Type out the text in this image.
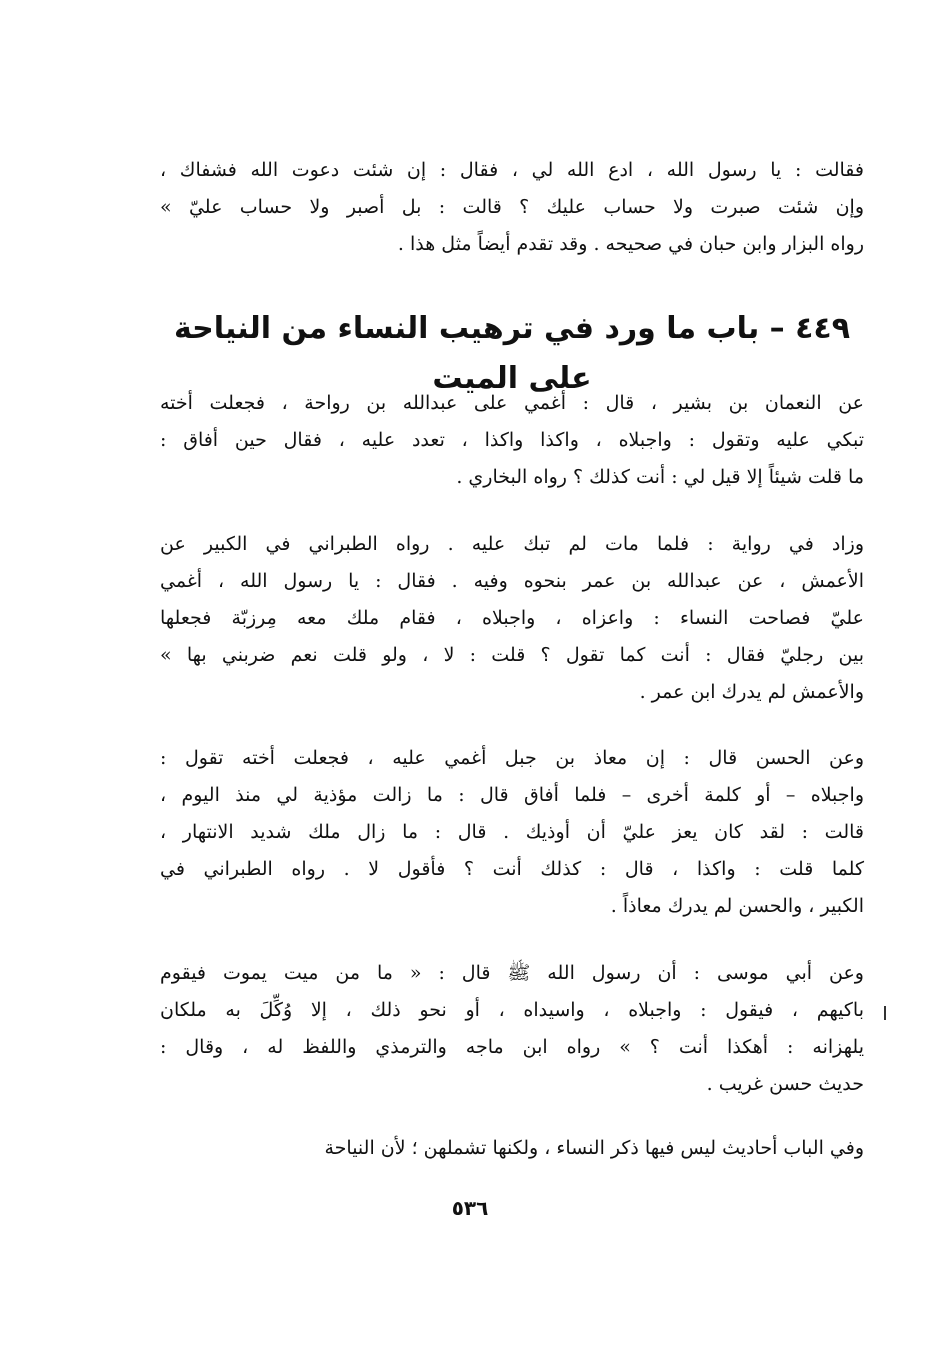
فقالت : يا رسول الله ، ادع الله لي ، فقال : إن شئت دعوت الله فشفاك ،
وإن شئت صبرت ولا حساب عليك ؟ قالت : بل أصبر ولا حساب عليّ »
رواه البزار وابن حبان في صحيحه . وقد تقدم أيضاً مثل هذا .
٤٤٩ – باب ما ورد في ترهيب النساء من النياحة على الميت
عن النعمان بن بشير ، قال : أغمي على عبدالله بن رواحة ، فجعلت أخته
تبكي عليه وتقول : واجبلاه ، واكذا واكذا ، تعدد عليه ، فقال حين أفاق :
ما قلت شيئاً إلا قيل لي : أنت كذلك ؟ رواه البخاري .
وزاد في رواية : فلما مات لم تبك عليه . رواه الطبراني في الكبير عن
الأعمش ، عن عبدالله بن عمر بنحوه وفيه . فقال : يا رسول الله ، أغمي
عليّ فصاحت النساء : واعزاه ، واجبلاه ، فقام ملك معه مِرزبّة فجعلها
بين رجليّ فقال : أنت كما تقول ؟ قلت : لا ، ولو قلت نعم ضربني بها »
والأعمش لم يدرك ابن عمر .
وعن الحسن قال : إن معاذ بن جبل أغمي عليه ، فجعلت أخته تقول :
واجبلاه – أو كلمة أخرى – فلما أفاق قال : ما زالت مؤذية لي منذ اليوم ،
قالت : لقد كان يعز عليّ أن أوذيك . قال : ما زال ملك شديد الانتهار ،
كلما قلت : واكذا ، قال : كذلك أنت ؟ فأقول لا . رواه الطبراني في
الكبير ، والحسن لم يدرك معاذاً .
وعن أبي موسى : أن رسول الله ﷺ قال : « ما من ميت يموت فيقوم
باكيهم ، فيقول : واجبلاه ، واسيداه ، أو نحو ذلك ، إلا وُكِّلَ به ملكان
يلهزانه : أهكذا أنت ؟ » رواه ابن ماجه والترمذي واللفظ له ، وقال :
حديث حسن غريب .
وفي الباب أحاديث ليس فيها ذكر النساء ، ولكنها تشملهن ؛ لأن النياحة
٥٣٦
